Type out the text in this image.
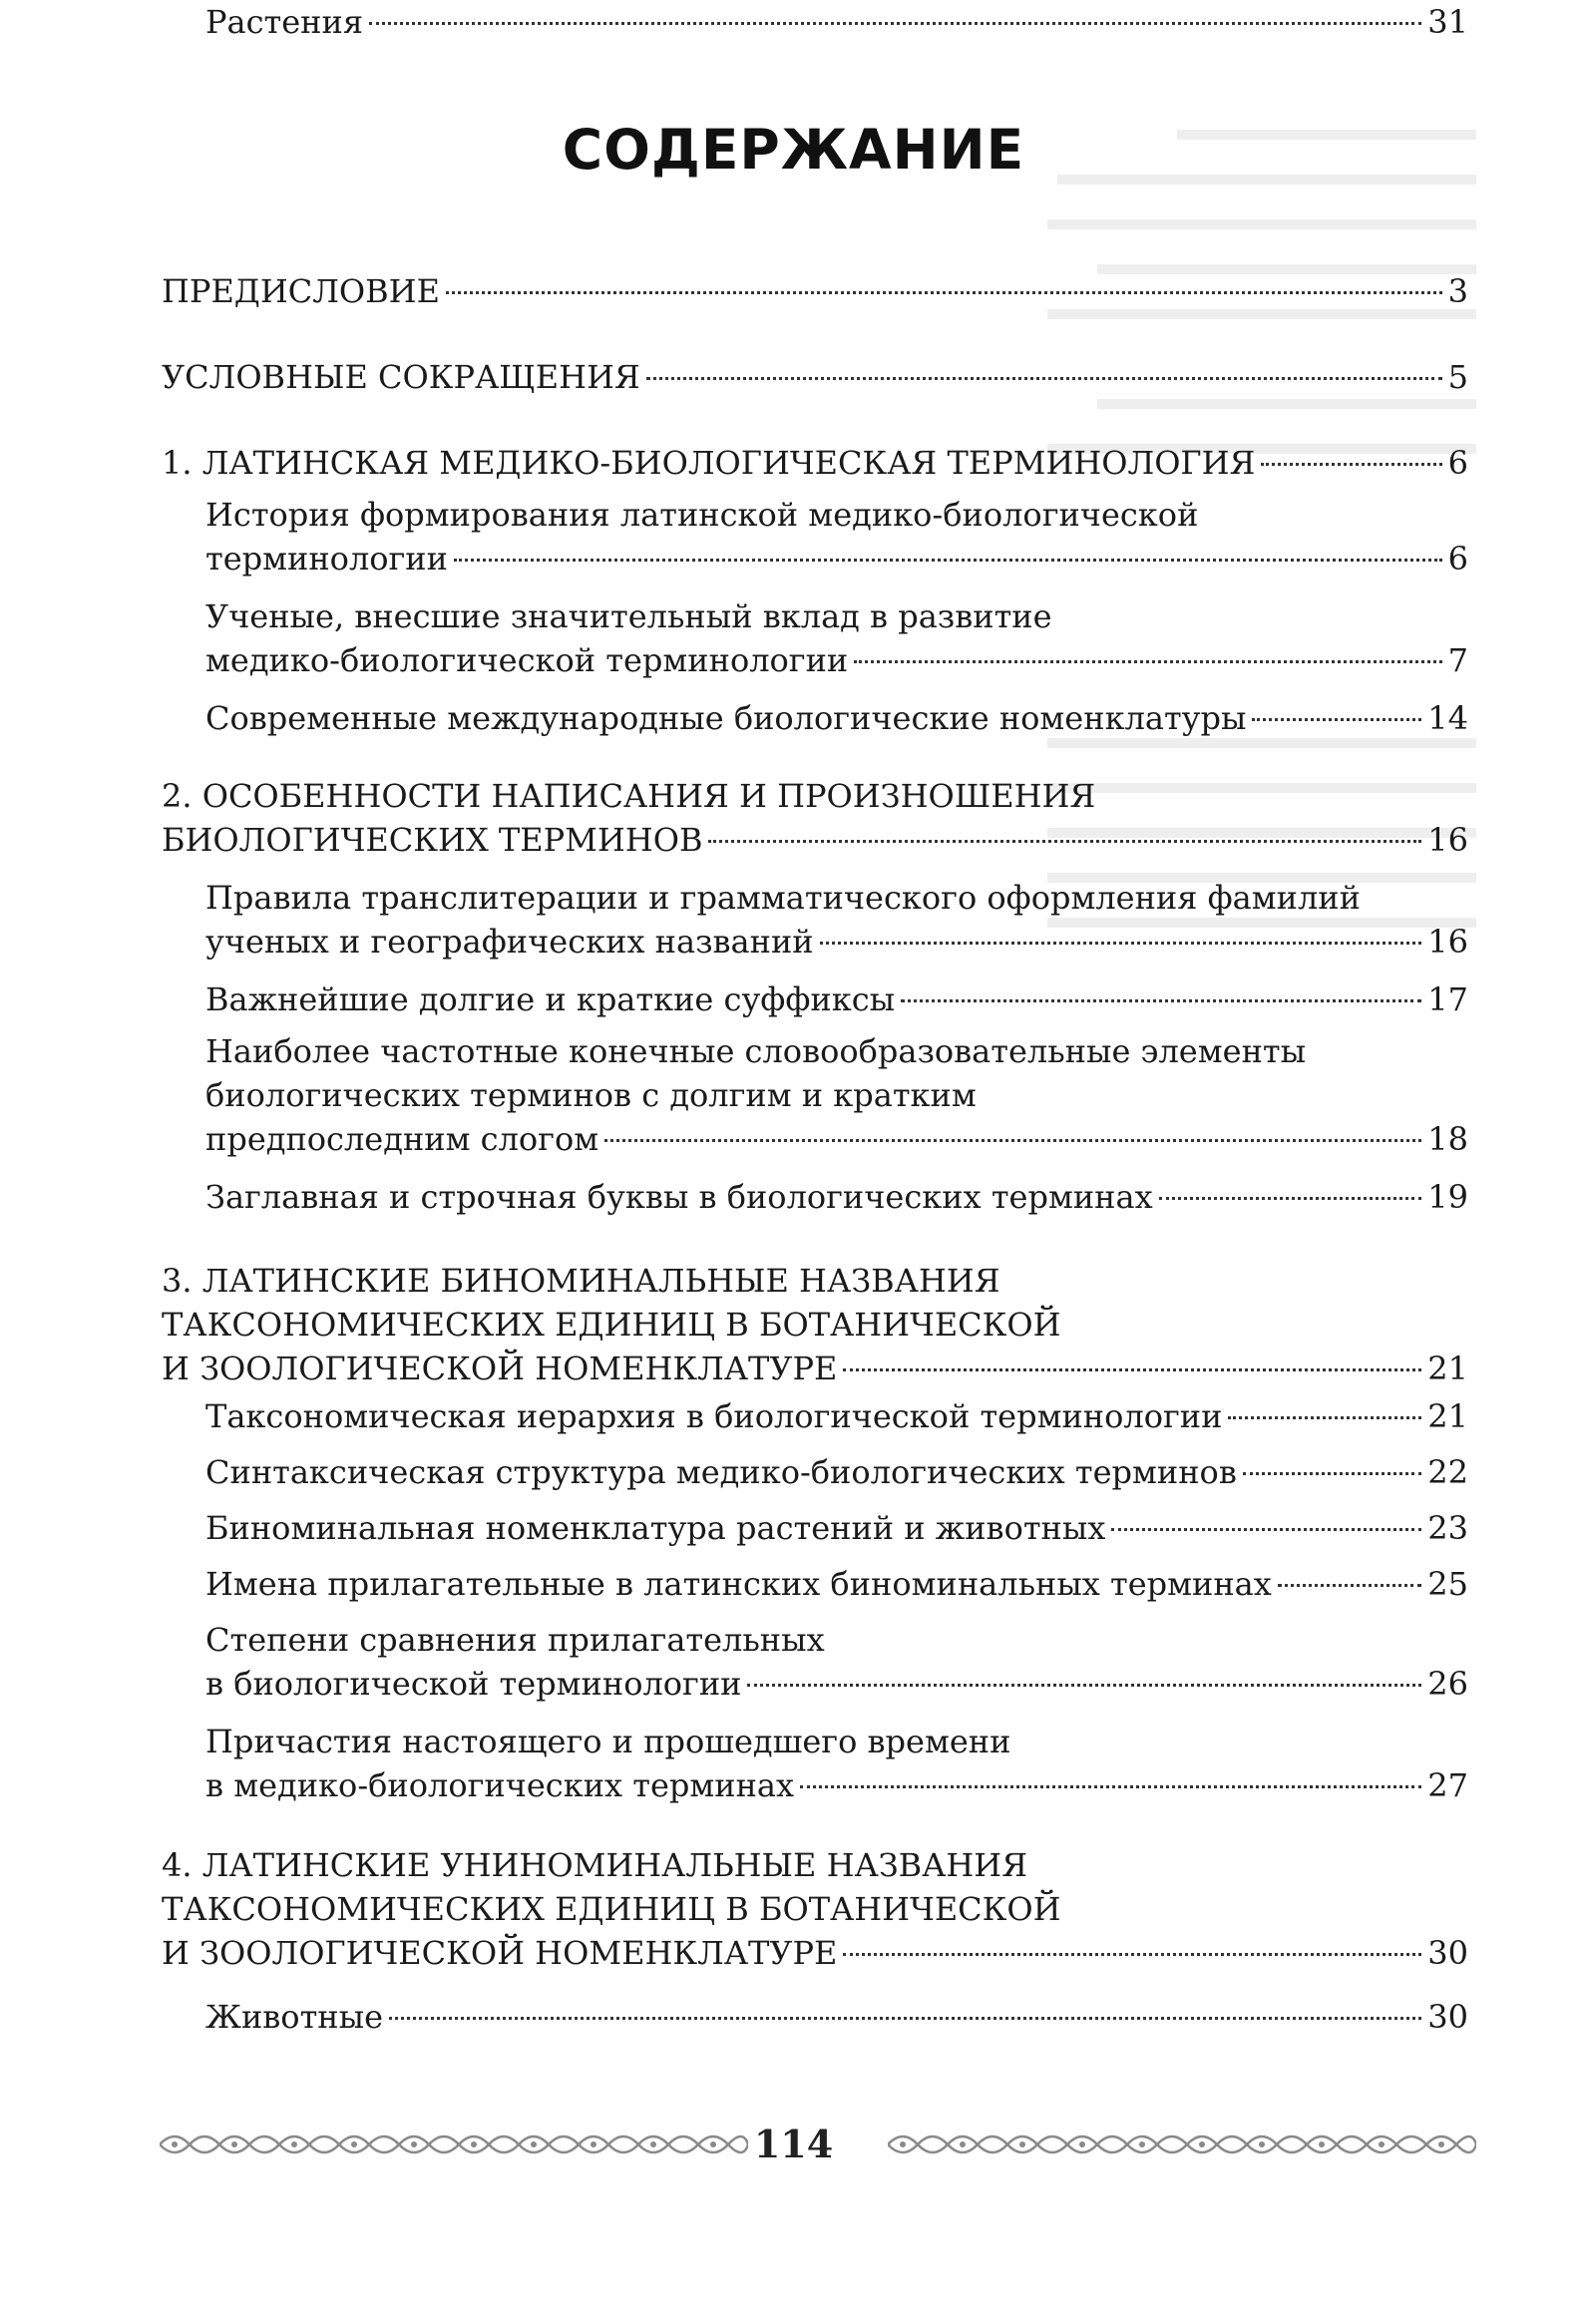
СОДЕРЖАНИЕ
ПРЕДИСЛОВИЕ	3
УСЛОВНЫЕ СОКРАЩЕНИЯ	5
1. ЛАТИНСКАЯ МЕДИКО-БИОЛОГИЧЕСКАЯ ТЕРМИНОЛОГИЯ	6
История формирования латинской медико-биологической
терминологии	6
Ученые, внесшие значительный вклад в развитие
медико-биологической терминологии	7
Современные международные биологические номенклатуры	14
2. ОСОБЕННОСТИ НАПИСАНИЯ И ПРОИЗНОШЕНИЯ
БИОЛОГИЧЕСКИХ ТЕРМИНОВ	16
Правила транслитерации и грамматического оформления фамилий
ученых и географических названий	16
Важнейшие долгие и краткие суффиксы	17
Наиболее частотные конечные словообразовательные элементы
биологических терминов с долгим и кратким
предпоследним слогом	18
Заглавная и строчная буквы в биологических терминах	19
3. ЛАТИНСКИЕ БИНОМИНАЛЬНЫЕ НАЗВАНИЯ
ТАКСОНОМИЧЕСКИХ ЕДИНИЦ В БОТАНИЧЕСКОЙ
И ЗООЛОГИЧЕСКОЙ НОМЕНКЛАТУРЕ	21
Таксономическая иерархия в биологической терминологии	21
Синтаксическая структура медико-биологических терминов	22
Биноминальная номенклатура растений и животных	23
Имена прилагательные в латинских биноминальных терминах	25
Степени сравнения прилагательных
в биологической терминологии	26
Причастия настоящего и прошедшего времени
в медико-биологических терминах	27
4. ЛАТИНСКИЕ УНИНОМИНАЛЬНЫЕ НАЗВАНИЯ
ТАКСОНОМИЧЕСКИХ ЕДИНИЦ В БОТАНИЧЕСКОЙ
И ЗООЛОГИЧЕСКОЙ НОМЕНКЛАТУРЕ	30
Животные	30
Растения	31
114
